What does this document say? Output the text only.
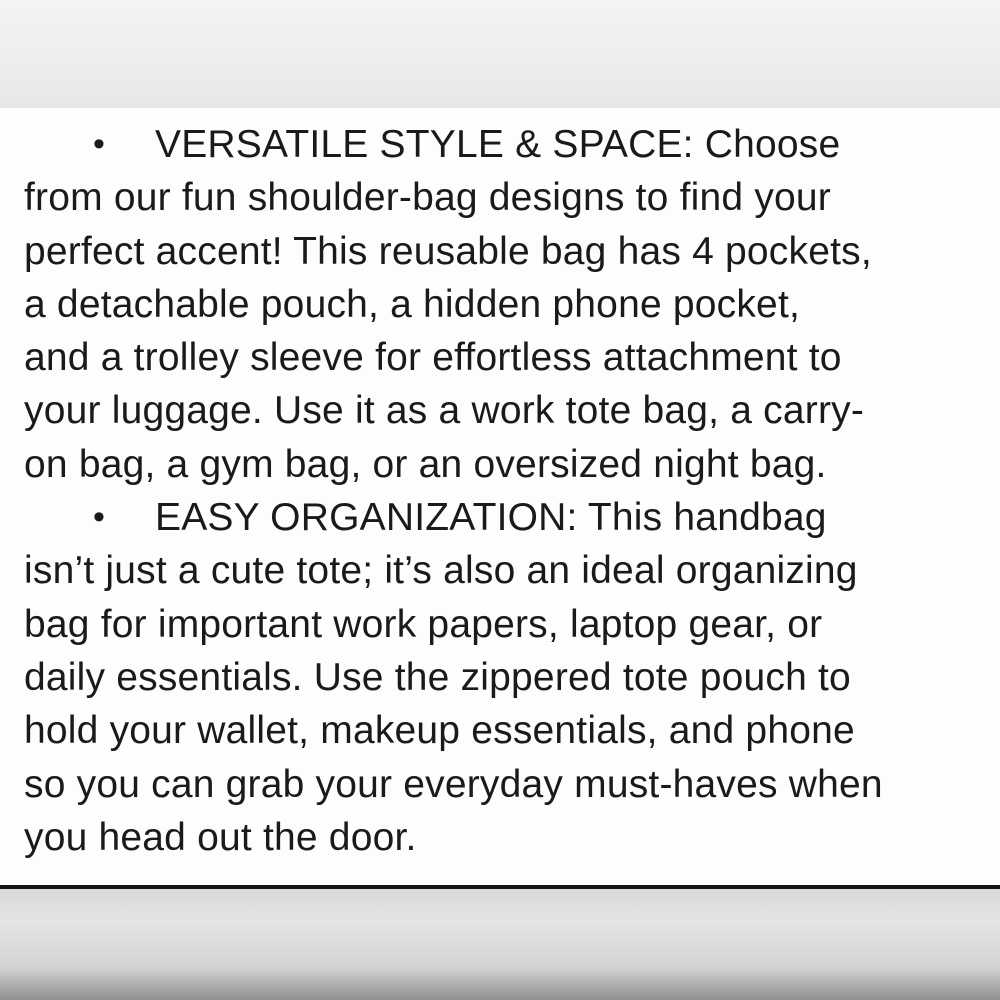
• VERSATILE STYLE & SPACE: Choose
from our fun shoulder-bag designs to find your
perfect accent! This reusable bag has 4 pockets,
a detachable pouch, a hidden phone pocket,
and a trolley sleeve for effortless attachment to
your luggage. Use it as a work tote bag, a carry-
on bag, a gym bag, or an oversized night bag.
• EASY ORGANIZATION: This handbag
isn’t just a cute tote; it’s also an ideal organizing
bag for important work papers, laptop gear, or
daily essentials. Use the zippered tote pouch to
hold your wallet, makeup essentials, and phone
so you can grab your everyday must-haves when
you head out the door.
